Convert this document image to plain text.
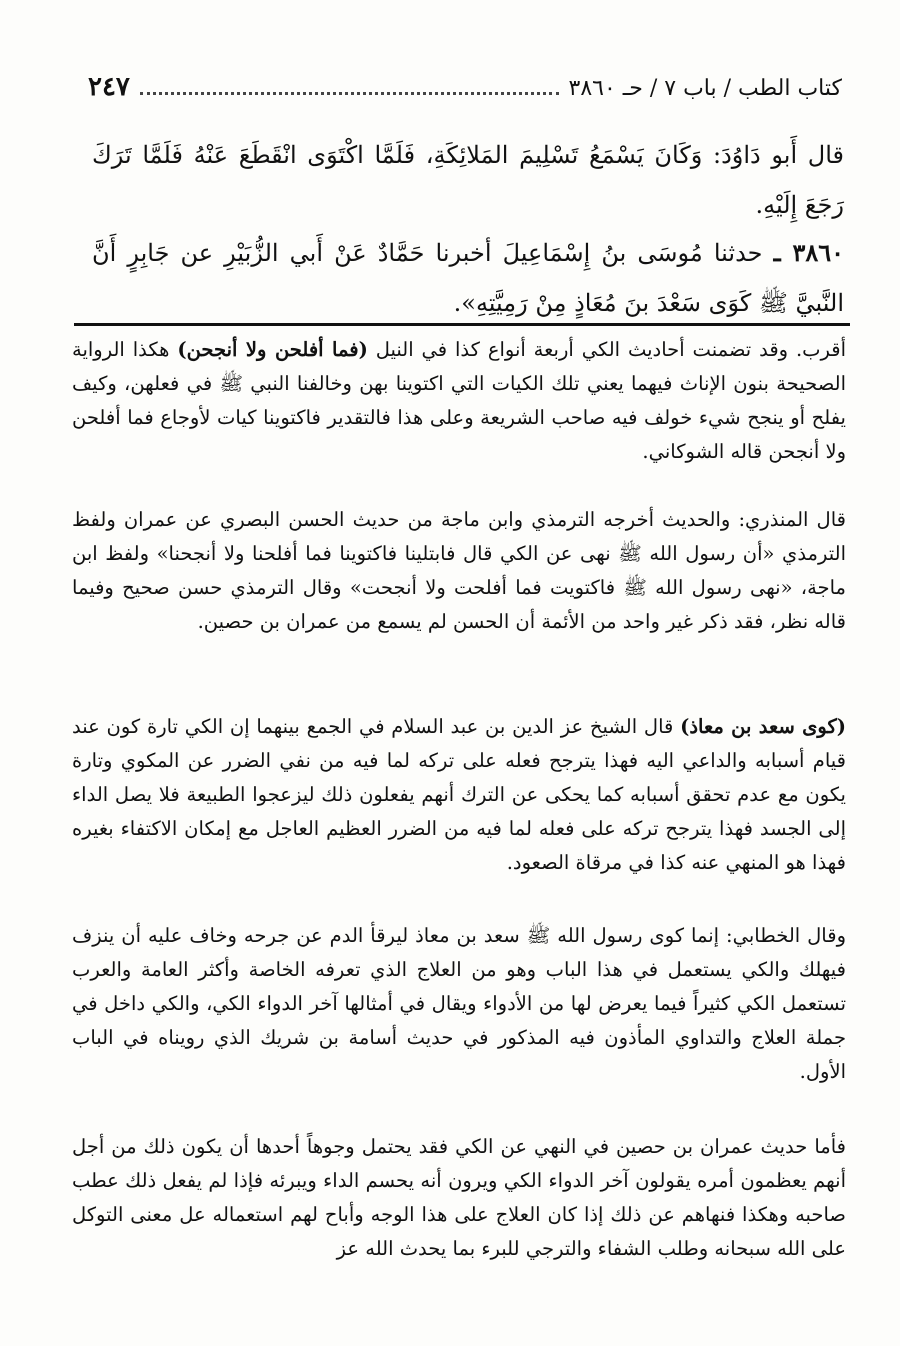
كتاب الطب / باب ٧ / حـ ٣٨٦٠
٢٤٧
قال أَبو دَاوُدَ: وَكَانَ يَسْمَعُ تَسْلِيمَ المَلائِكَةِ، فَلَمَّا اكْتَوَى انْقَطَعَ عَنْهُ فَلَمَّا تَرَكَ رَجَعَ إِلَيْهِ.
٣٨٦٠ ـ حدثنا مُوسَى بنُ إِسْمَاعِيلَ أخبرنا حَمَّادٌ عَنْ أَبي الزُّبَيْرِ عن جَابِرٍ أَنَّ النَّبيَّ ﷺ كَوَى سَعْدَ بنَ مُعَاذٍ مِنْ رَمِيَّتِهِ».
أقرب. وقد تضمنت أحاديث الكي أربعة أنواع كذا في النيل (فما أفلحن ولا أنجحن) هكذا الرواية الصحيحة بنون الإناث فيهما يعني تلك الكيات التي اكتوينا بهن وخالفنا النبي ﷺ في فعلهن، وكيف يفلح أو ينجح شيء خولف فيه صاحب الشريعة وعلى هذا فالتقدير فاكتوينا كيات لأوجاع فما أفلحن ولا أنجحن قاله الشوكاني.
قال المنذري: والحديث أخرجه الترمذي وابن ماجة من حديث الحسن البصري عن عمران ولفظ الترمذي «أن رسول الله ﷺ نهى عن الكي قال فابتلينا فاكتوينا فما أفلحنا ولا أنجحنا» ولفظ ابن ماجة، «نهى رسول الله ﷺ فاكتويت فما أفلحت ولا أنجحت» وقال الترمذي حسن صحيح وفيما قاله نظر، فقد ذكر غير واحد من الأئمة أن الحسن لم يسمع من عمران بن حصين.
(كوى سعد بن معاذ) قال الشيخ عز الدين بن عبد السلام في الجمع بينهما إن الكي تارة كون عند قيام أسبابه والداعي اليه فهذا يترجح فعله على تركه لما فيه من نفي الضرر عن المكوي وتارة يكون مع عدم تحقق أسبابه كما يحكى عن الترك أنهم يفعلون ذلك ليزعجوا الطبيعة فلا يصل الداء إلى الجسد فهذا يترجح تركه على فعله لما فيه من الضرر العظيم العاجل مع إمكان الاكتفاء بغيره فهذا هو المنهي عنه كذا في مرقاة الصعود.
وقال الخطابي: إنما كوى رسول الله ﷺ سعد بن معاذ ليرقأ الدم عن جرحه وخاف عليه أن ينزف فيهلك والكي يستعمل في هذا الباب وهو من العلاج الذي تعرفه الخاصة وأكثر العامة والعرب تستعمل الكي كثيراً فيما يعرض لها من الأدواء ويقال في أمثالها آخر الدواء الكي، والكي داخل في جملة العلاج والتداوي المأذون فيه المذكور في حديث أسامة بن شريك الذي رويناه في الباب الأول.
فأما حديث عمران بن حصين في النهي عن الكي فقد يحتمل وجوهاً أحدها أن يكون ذلك من أجل أنهم يعظمون أمره يقولون آخر الدواء الكي ويرون أنه يحسم الداء ويبرئه فإذا لم يفعل ذلك عطب صاحبه وهكذا فنهاهم عن ذلك إذا كان العلاج على هذا الوجه وأباح لهم استعماله عل معنى التوكل على الله سبحانه وطلب الشفاء والترجي للبرء بما يحدث الله عز
